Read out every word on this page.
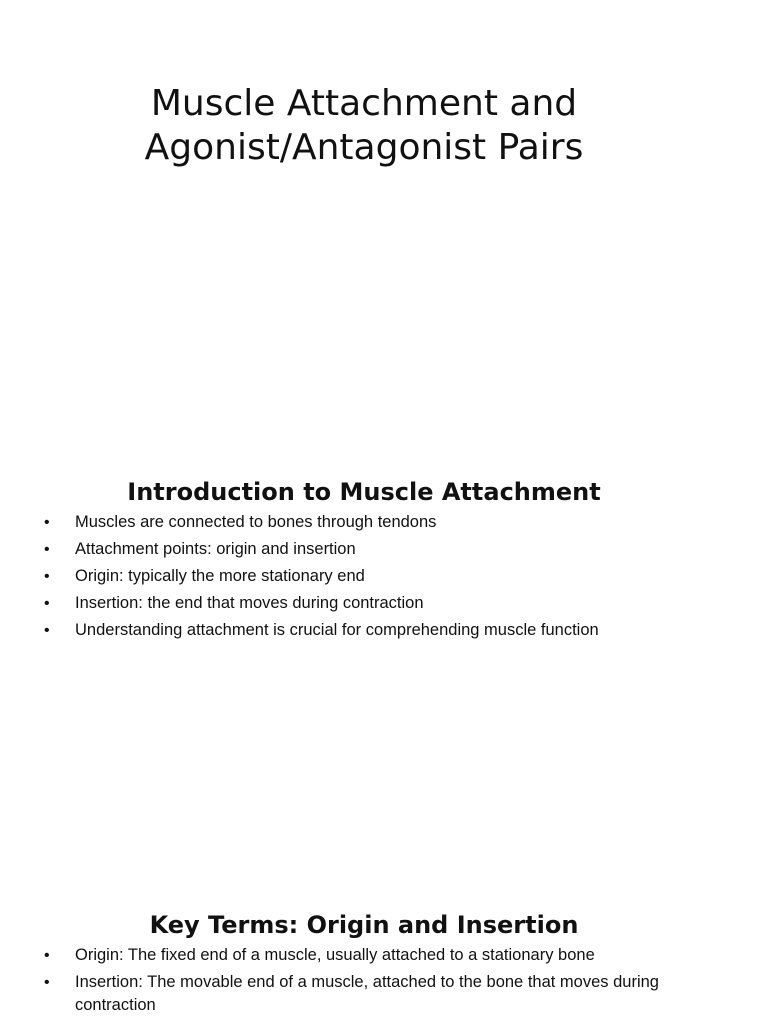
Muscle Attachment and

Agonist/Antagonist Pairs

Introduction to Muscle Attachment
• Muscles are connected to bones through tendons
• Attachment points: origin and insertion
• Origin: typically the more stationary end
• Insertion: the end that moves during contraction
• Understanding attachment is crucial for comprehending muscle function
Key Terms: Origin and Insertion
• Origin: The fixed end of a muscle, usually attached to a stationary bone
• Insertion: The movable end of a muscle, attached to the bone that moves during contraction
